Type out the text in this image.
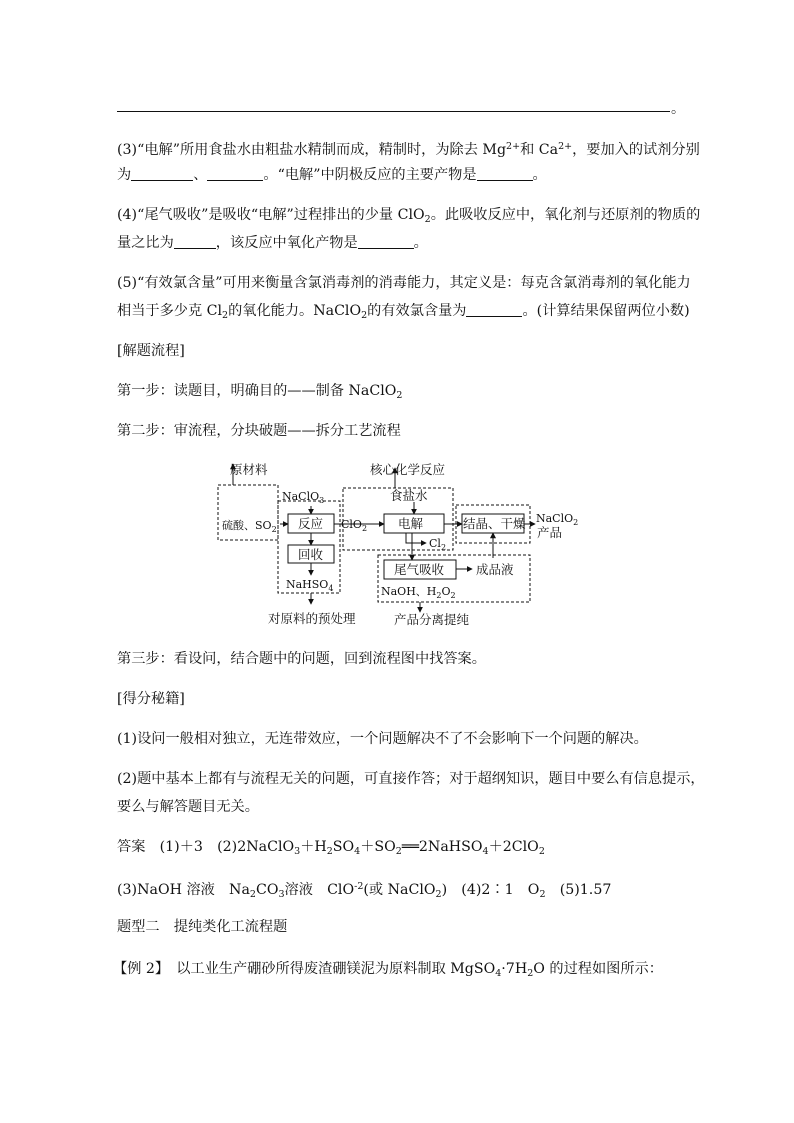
。
(3)“电解”所用食盐水由粗盐水精制而成，精制时，为除去 $Mg^{2+}$和 $Ca^{2+}$，要加入的试剂分别
为	、	。“电解”中阴极反应的主要产物是	。
(4)“尾气吸收”是吸收“电解”过程排出的少量 ClO$_2$。此吸收反应中，氧化剂与还原剂的物质的
量之比为	，该反应中氧化产物是	。
(5)“有效氯含量”可用来衡量含氯消毒剂的消毒能力，其定义是：每克含氯消毒剂的氧化能力
相当于多少克 $Cl_2$的氧化能力。NaClO$_2$的有效氯含量为	。(计算结果保留两位小数)
[解题流程]
第一步：读题目，明确目的——制备 NaClO$_2$
第二步：审流程，分块破题——拆分工艺流程
原材料	核心化学反应
NaClO$_3$	食盐水
硫酸、$SO_2$ 反应 ClO$_2$ 电解	结晶、干燥 NaClO$_2$
产品
$Cl_2$
回收
NaHSO$_4$
尾气吸收	成品液
NaOH、$H_2O_2$
对原料的预处理	产品分离提纯
第三步：看设问，结合题中的问题，回到流程图中找答案。
[得分秘籍]
(1)设问一般相对独立，无连带效应，一个问题解决不了不会影响下一个问题的解决。
(2)题中基本上都有与流程无关的问题，可直接作答；对于超纲知识，题目中要么有信息提示，
要么与解答题目无关。
答案　 (1)＋3　 $(2)2NaClO_3+H_2SO_4+SO_2══2NaHSO_4+2ClO_2$
(3)NaOH 溶液　$Na_2CO_3$溶液　ClO$^{-2}$(或 NaClO$_2$)　(4)2∶1　$O_2$　(5)1.57
题型二　提纯类化工流程题
【例 2】　 以工业生产硼砂所得废渣硼镁泥为原料制取 $MgSO_4\cdot 7H_2O$ 的过程如图所示：
